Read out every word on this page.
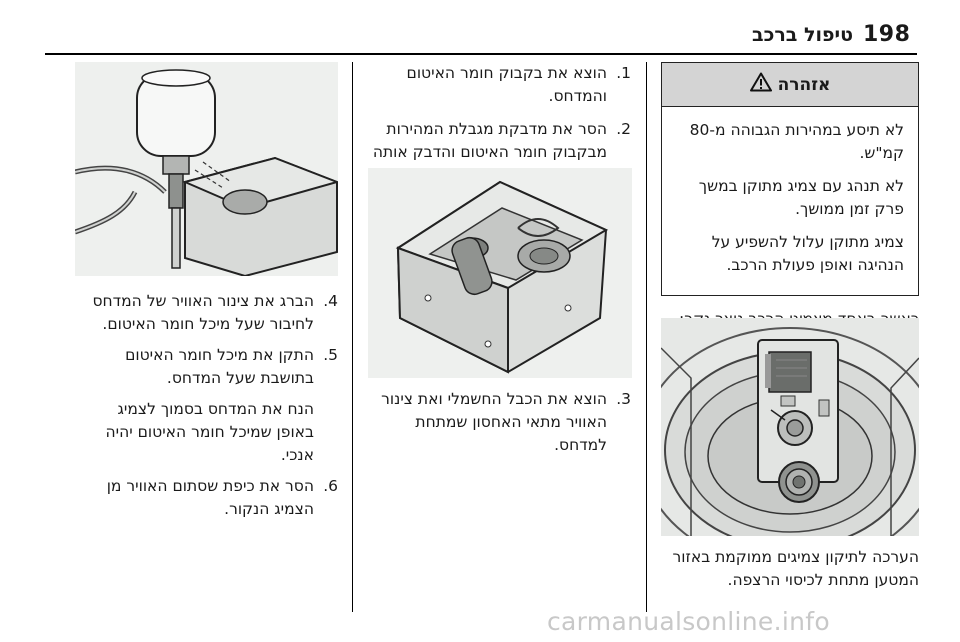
198
טיפול ברכב
אזהרה

לא תיסע במהירות הגבוהה מ-80 קמ"ש.

לא תנהג עם צמיג מתוקן במשך פרק זמן ממושך.

צמיג מתוקן עלול להשפיע על הנהיגה ואופן פעולת הרכב.

הערכה לתיקון צמיגים ממוקמת באזור המטען מתחת לכיסוי הרצפה.

1.
הוצא את בקבוק חומר האיטום והמדחס.
2.
הסר את מדבקת מגבלת המהירות מבקבוק חומר האיטום והדבק אותה
3.
הוצא את הכבל החשמלי ואת צינור האוויר מתאי האחסון שמתחת למדחס.
4.
הברג את צינור האוויר של המדחס לחיבור שעל מיכל חומר האיטום.
5.
התקן את מיכל חומר האיטום בתושבת שעל המדחס.
הנח את המדחס בסמוך לצמיג באופן שמיכל חומר האיטום יהיה אנכי.
6.
הסר את כיפת שסתום האוויר מן הצמיג הנקור.
carmanualsonline.info
